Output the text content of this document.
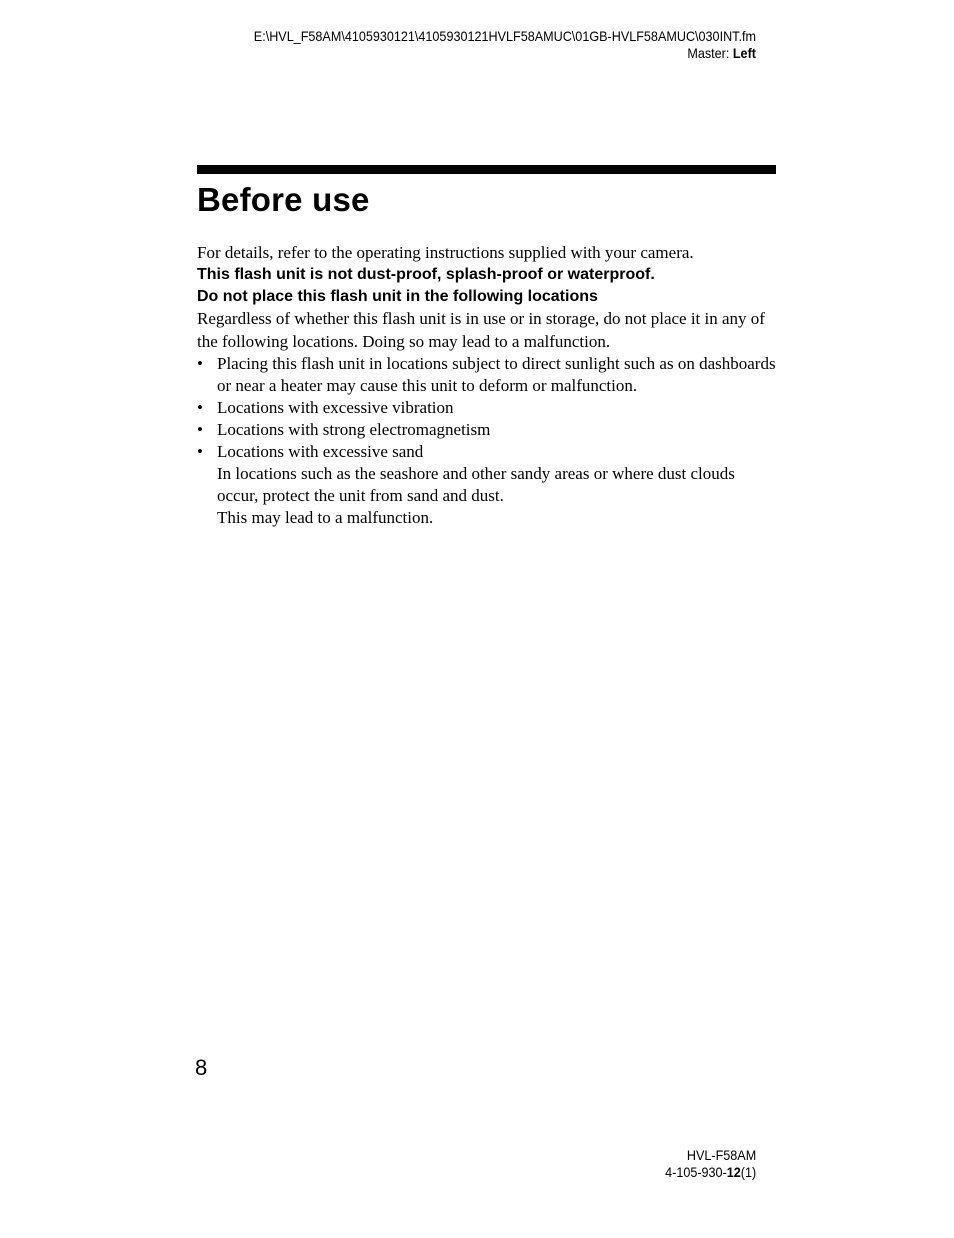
E:\HVL_F58AM\4105930121\4105930121HVLF58AMUC\01GB-HVLF58AMUC\030INT.fm
Master: Left
Before use
For details, refer to the operating instructions supplied with your camera.
This flash unit is not dust-proof, splash-proof or waterproof.
Do not place this flash unit in the following locations
Regardless of whether this flash unit is in use or in storage, do not place it in any of the following locations. Doing so may lead to a malfunction.
• Placing this flash unit in locations subject to direct sunlight such as on dashboards or near a heater may cause this unit to deform or malfunction.
• Locations with excessive vibration
• Locations with strong electromagnetism
• Locations with excessive sand
In locations such as the seashore and other sandy areas or where dust clouds occur, protect the unit from sand and dust.
This may lead to a malfunction.
8
HVL-F58AM
4-105-930-12(1)
